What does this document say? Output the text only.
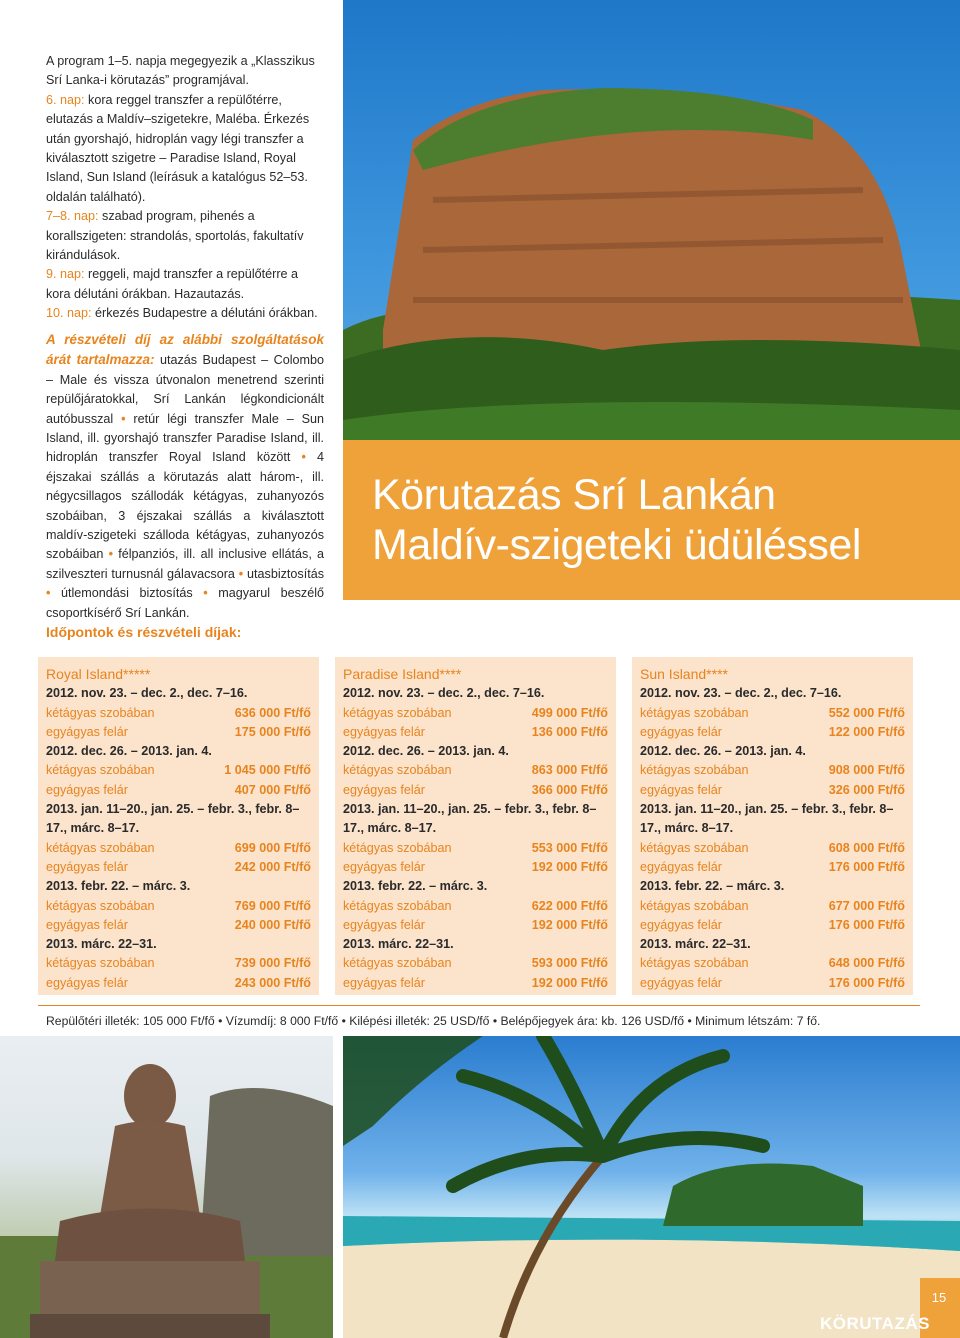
A program 1–5. napja megegyezik a „Klasszikus Srí Lanka-i körutazás” programjával.

6. nap: kora reggel transzfer a repülőtérre, elutazás a Maldív–szigetekre, Maléba. Érkezés után gyorshajó, hidroplán vagy légi transzfer a kiválasztott szigetre – Paradise Island, Royal Island, Sun Island (leírásuk a katalógus 52–53. oldalán található).

7–8. nap: szabad program, pihenés a korallszigeten: strandolás, sportolás, fakultatív kirándulások.

9. nap: reggeli, majd transzfer a repülőtérre a kora délutáni órákban. Hazautazás.

10. nap: érkezés Budapestre a délutáni órákban.

A részvételi díj az alábbi szolgáltatások árát tartalmazza: utazás Budapest – Colombo – Male és vissza útvonalon menetrend szerinti repülőjáratokkal, Srí Lankán légkondicionált autóbusszal • retúr légi transzfer Male – Sun Island, ill. gyorshajó transzfer Paradise Island, ill. hidroplán transzfer Royal Island között • 4 éjszakai szállás a körutazás alatt három-, ill. négycsillagos szállodák kétágyas, zuhanyozós szobáiban, 3 éjszakai szállás a kiválasztott maldív-szigeteki szálloda kétágyas, zuhanyozós szobáiban • félpanziós, ill. all inclusive ellátás, a szilveszteri turnusnál gálavacsora • utasbiztosítás • útlemondási biztosítás • magyarul beszélő csoportkísérő Srí Lankán.
Időpontok és részvételi díjak:
Körutazás Srí Lankán
Maldív-szigeteki üdüléssel
Royal Island*****
2012. nov. 23. – dec. 2., dec. 7–16.
kétágyas szobában	636 000 Ft/fő
egyágyas felár	175 000 Ft/fő
2012. dec. 26. – 2013. jan. 4.
kétágyas szobában	1 045 000 Ft/fő
egyágyas felár	407 000 Ft/fő
2013. jan. 11–20., jan. 25. – febr. 3., febr. 8–17., márc. 8–17.
kétágyas szobában	699 000 Ft/fő
egyágyas felár	242 000 Ft/fő
2013. febr. 22. – márc. 3.
kétágyas szobában	769 000 Ft/fő
egyágyas felár	240 000 Ft/fő
2013. márc. 22–31.
kétágyas szobában	739 000 Ft/fő
egyágyas felár	243 000 Ft/fő
Paradise Island****
2012. nov. 23. – dec. 2., dec. 7–16.
kétágyas szobában	499 000 Ft/fő
egyágyas felár	136 000 Ft/fő
2012. dec. 26. – 2013. jan. 4.
kétágyas szobában	863 000 Ft/fő
egyágyas felár	366 000 Ft/fő
2013. jan. 11–20., jan. 25. – febr. 3., febr. 8–17., márc. 8–17.
kétágyas szobában	553 000 Ft/fő
egyágyas felár	192 000 Ft/fő
2013. febr. 22. – márc. 3.
kétágyas szobában	622 000 Ft/fő
egyágyas felár	192 000 Ft/fő
2013. márc. 22–31.
kétágyas szobában	593 000 Ft/fő
egyágyas felár	192 000 Ft/fő
Sun Island****
2012. nov. 23. – dec. 2., dec. 7–16.
kétágyas szobában	552 000 Ft/fő
egyágyas felár	122 000 Ft/fő
2012. dec. 26. – 2013. jan. 4.
kétágyas szobában	908 000 Ft/fő
egyágyas felár	326 000 Ft/fő
2013. jan. 11–20., jan. 25. – febr. 3., febr. 8–17., márc. 8–17.
kétágyas szobában	608 000 Ft/fő
egyágyas felár	176 000 Ft/fő
2013. febr. 22. – márc. 3.
kétágyas szobában	677 000 Ft/fő
egyágyas felár	176 000 Ft/fő
2013. márc. 22–31.
kétágyas szobában	648 000 Ft/fő
egyágyas felár	176 000 Ft/fő
Repülőtéri illeték: 105 000 Ft/fő • Vízumdíj: 8 000 Ft/fő • Kilépési illeték: 25 USD/fő • Belépőjegyek ára: kb. 126 USD/fő • Minimum létszám: 7 fő.
15
KÖRUTAZÁS
